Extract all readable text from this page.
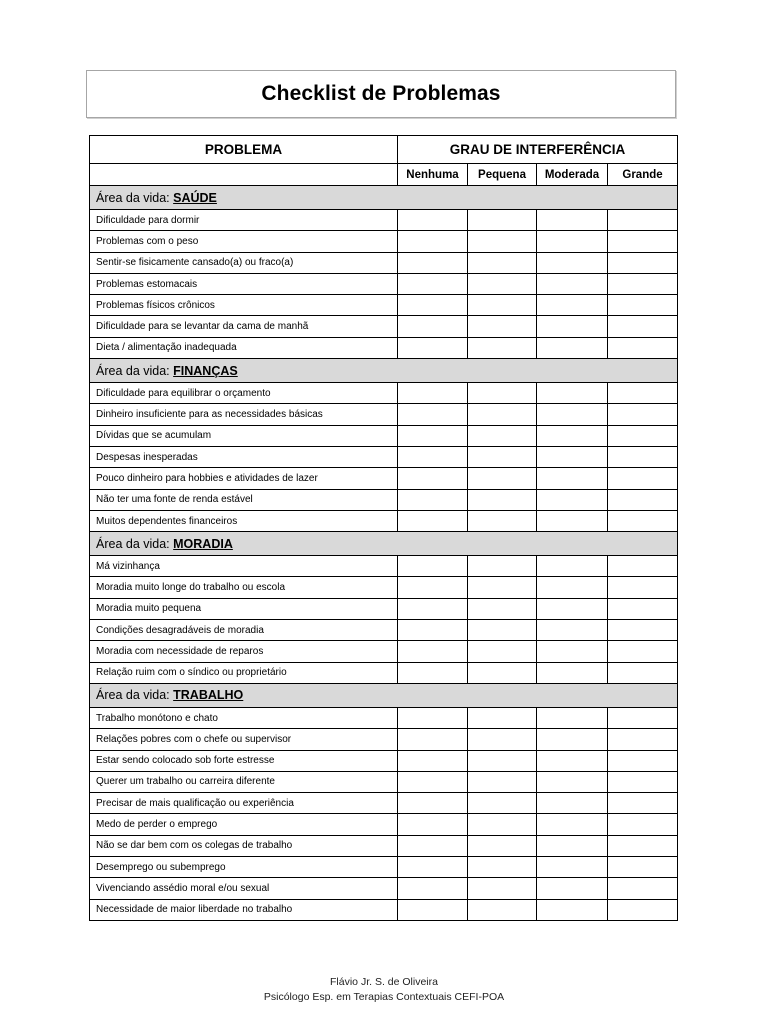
Checklist de Problemas
PROBLEMA	GRAU DE INTERFERÊNCIA			
	Nenhuma	Pequena	Moderada	Grande
Área da vida: SAÚDE				
Dificuldade para dormir				
Problemas com o peso				
Sentir-se fisicamente cansado(a) ou fraco(a)				
Problemas estomacais				
Problemas físicos crônicos				
Dificuldade para se levantar da cama de manhã				
Dieta / alimentação inadequada				
Área da vida: FINANÇAS				
Dificuldade para equilibrar o orçamento				
Dinheiro insuficiente para as necessidades básicas				
Dívidas que se acumulam				
Despesas inesperadas				
Pouco dinheiro para hobbies e atividades de lazer				
Não ter uma fonte de renda estável				
Muitos dependentes financeiros				
Área da vida: MORADIA				
Má vizinhança				
Moradia muito longe do trabalho ou escola				
Moradia muito pequena				
Condições desagradáveis de moradia				
Moradia com necessidade de reparos				
Relação ruim com o síndico ou proprietário				
Área da vida: TRABALHO				
Trabalho monótono e chato				
Relações pobres com o chefe ou supervisor				
Estar sendo colocado sob forte estresse				
Querer um trabalho ou carreira diferente				
Precisar de mais qualificação ou experiência				
Medo de perder o emprego				
Não se dar bem com os colegas de trabalho				
Desemprego ou subemprego				
Vivenciando assédio moral e/ou sexual				
Necessidade de maior liberdade no trabalho				
Flávio Jr. S. de Oliveira
Psicólogo Esp. em Terapias Contextuais CEFI-POA
